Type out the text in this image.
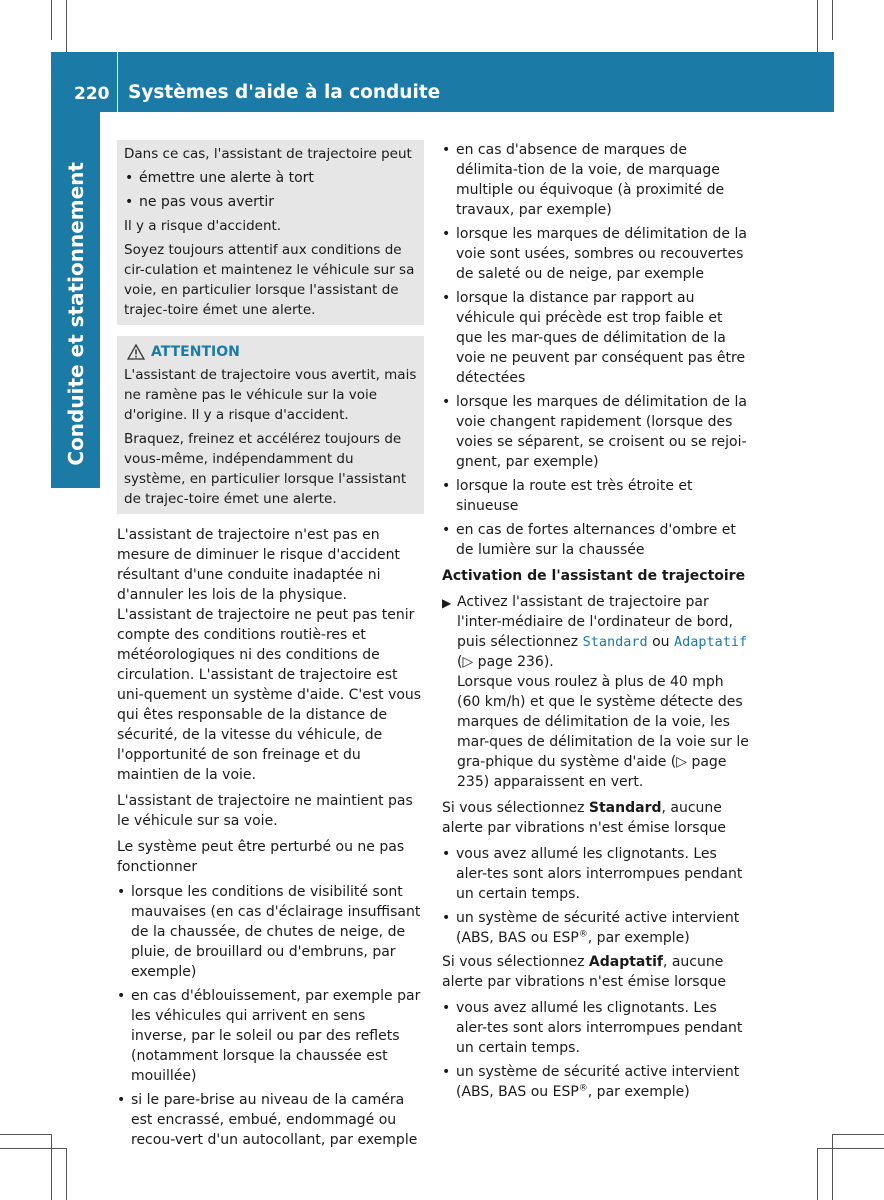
220 Systèmes d'aide à la conduite
Conduite et stationnement

Dans ce cas, l'assistant de trajectoire peut

• émettre une alerte à tort
• ne pas vous avertir

Il y a risque d'accident.

Soyez toujours attentif aux conditions de cir-culation et maintenez le véhicule sur sa voie, en particulier lorsque l'assistant de trajec-toire émet une alerte.

ATTENTION

L'assistant de trajectoire vous avertit, mais ne ramène pas le véhicule sur la voie d'origine. Il y a risque d'accident.

Braquez, freinez et accélérez toujours de vous-même, indépendamment du système, en particulier lorsque l'assistant de trajec-toire émet une alerte.

L'assistant de trajectoire n'est pas en mesure de diminuer le risque d'accident résultant d'une conduite inadaptée ni d'annuler les lois de la physique. L'assistant de trajectoire ne peut pas tenir compte des conditions routiè-res et météorologiques ni des conditions de circulation. L'assistant de trajectoire est uni-quement un système d'aide. C'est vous qui êtes responsable de la distance de sécurité, de la vitesse du véhicule, de l'opportunité de son freinage et du maintien de la voie.

L'assistant de trajectoire ne maintient pas le véhicule sur sa voie.

Le système peut être perturbé ou ne pas fonctionner

• lorsque les conditions de visibilité sont mauvaises (en cas d'éclairage insuffisant de la chaussée, de chutes de neige, de pluie, de brouillard ou d'embruns, par exemple)
• en cas d'éblouissement, par exemple par les véhicules qui arrivent en sens inverse, par le soleil ou par des reflets (notamment lorsque la chaussée est mouillée)
• si le pare-brise au niveau de la caméra est encrassé, embué, endommagé ou recou-vert d'un autocollant, par exemple
• en cas d'absence de marques de délimita-tion de la voie, de marquage multiple ou équivoque (à proximité de travaux, par exemple)
• lorsque les marques de délimitation de la voie sont usées, sombres ou recouvertes de saleté ou de neige, par exemple
• lorsque la distance par rapport au véhicule qui précède est trop faible et que les mar-ques de délimitation de la voie ne peuvent par conséquent pas être détectées
• lorsque les marques de délimitation de la voie changent rapidement (lorsque des voies se séparent, se croisent ou se rejoi-gnent, par exemple)
• lorsque la route est très étroite et sinueuse
• en cas de fortes alternances d'ombre et de lumière sur la chaussée
Activation de l'assistant de trajectoire
▶ Activez l'assistant de trajectoire par l'inter-médiaire de l'ordinateur de bord, puis sélectionnez Standard ou Adaptatif
(▷ page 236).
Lorsque vous roulez à plus de 40 mph (60 km/h) et que le système détecte des marques de délimitation de la voie, les mar-ques de délimitation de la voie sur le gra-phique du système d'aide (▷ page 235) apparaissent en vert.

Si vous sélectionnez Standard, aucune alerte par vibrations n'est émise lorsque

• vous avez allumé les clignotants. Les aler-tes sont alors interrompues pendant un certain temps.
• un système de sécurité active intervient (ABS, BAS ou ESP®, par exemple)

Si vous sélectionnez Adaptatif, aucune alerte par vibrations n'est émise lorsque

• vous avez allumé les clignotants. Les aler-tes sont alors interrompues pendant un certain temps.
• un système de sécurité active intervient (ABS, BAS ou ESP®, par exemple)
